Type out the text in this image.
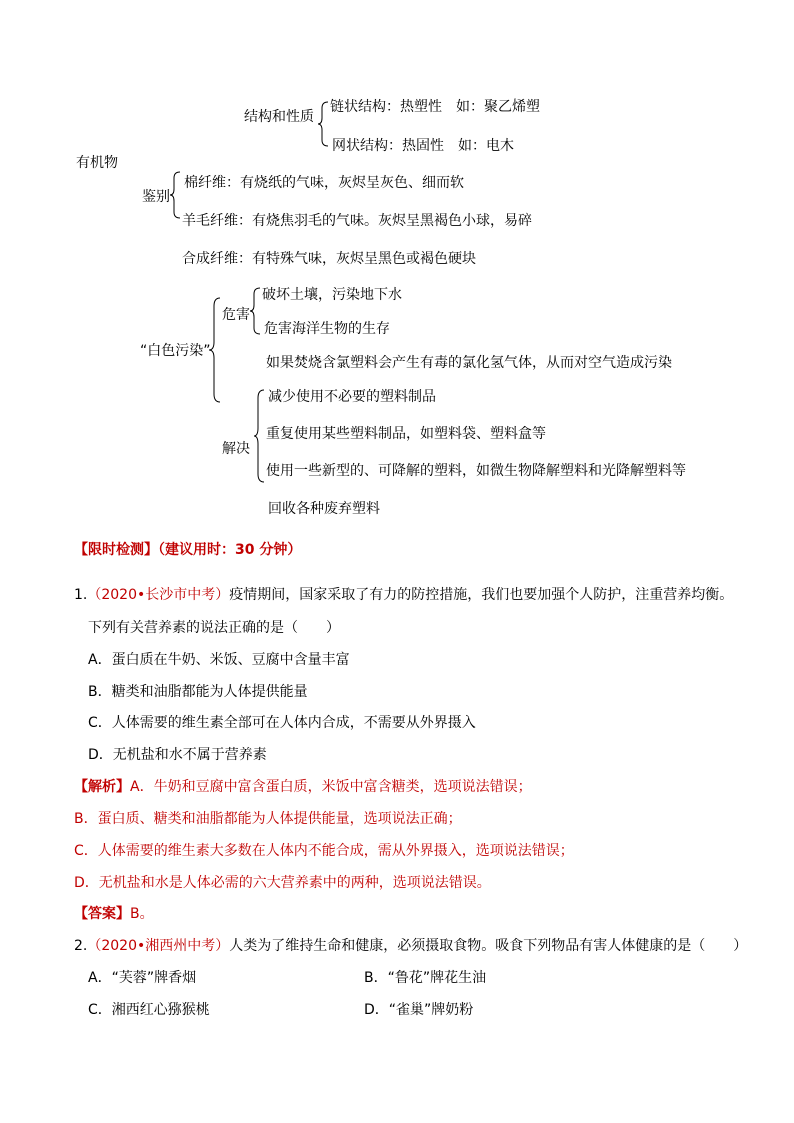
结构和性质
链状结构：热塑性　如：聚乙烯塑
网状结构：热固性　如：电木
有机物
鉴别
棉纤维：有烧纸的气味，灰烬呈灰色、细而软
羊毛纤维：有烧焦羽毛的气味。灰烬呈黑褐色小球，易碎
合成纤维：有特殊气味，灰烬呈黑色或褐色硬块
“白色污染”
危害
破坏土壤，污染地下水
危害海洋生物的生存
如果焚烧含氯塑料会产生有毒的氯化氢气体，从而对空气造成污染
解决
减少使用不必要的塑料制品
重复使用某些塑料制品，如塑料袋、塑料盒等
使用一些新型的、可降解的塑料，如微生物降解塑料和光降解塑料等
回收各种废弃塑料
【限时检测】（建议用时：30 分钟）
1.（2020•长沙市中考）疫情期间，国家采取了有力的防控措施，我们也要加强个人防护，注重营养均衡。
下列有关营养素的说法正确的是（　　）
A．蛋白质在牛奶、米饭、豆腐中含量丰富
B．糖类和油脂都能为人体提供能量
C．人体需要的维生素全部可在人体内合成，不需要从外界摄入
D．无机盐和水不属于营养素
【解析】A．牛奶和豆腐中富含蛋白质，米饭中富含糖类，选项说法错误；
B．蛋白质、糖类和油脂都能为人体提供能量，选项说法正确；
C．人体需要的维生素大多数在人体内不能合成，需从外界摄入，选项说法错误；
D．无机盐和水是人体必需的六大营养素中的两种，选项说法错误。
【答案】B。
2.（2020•湘西州中考）人类为了维持生命和健康，必须摄取食物。吸食下列物品有害人体健康的是（　　）
A．“芙蓉”牌香烟	B．“鲁花”牌花生油
C．湘西红心猕猴桃	D．“雀巢”牌奶粉
